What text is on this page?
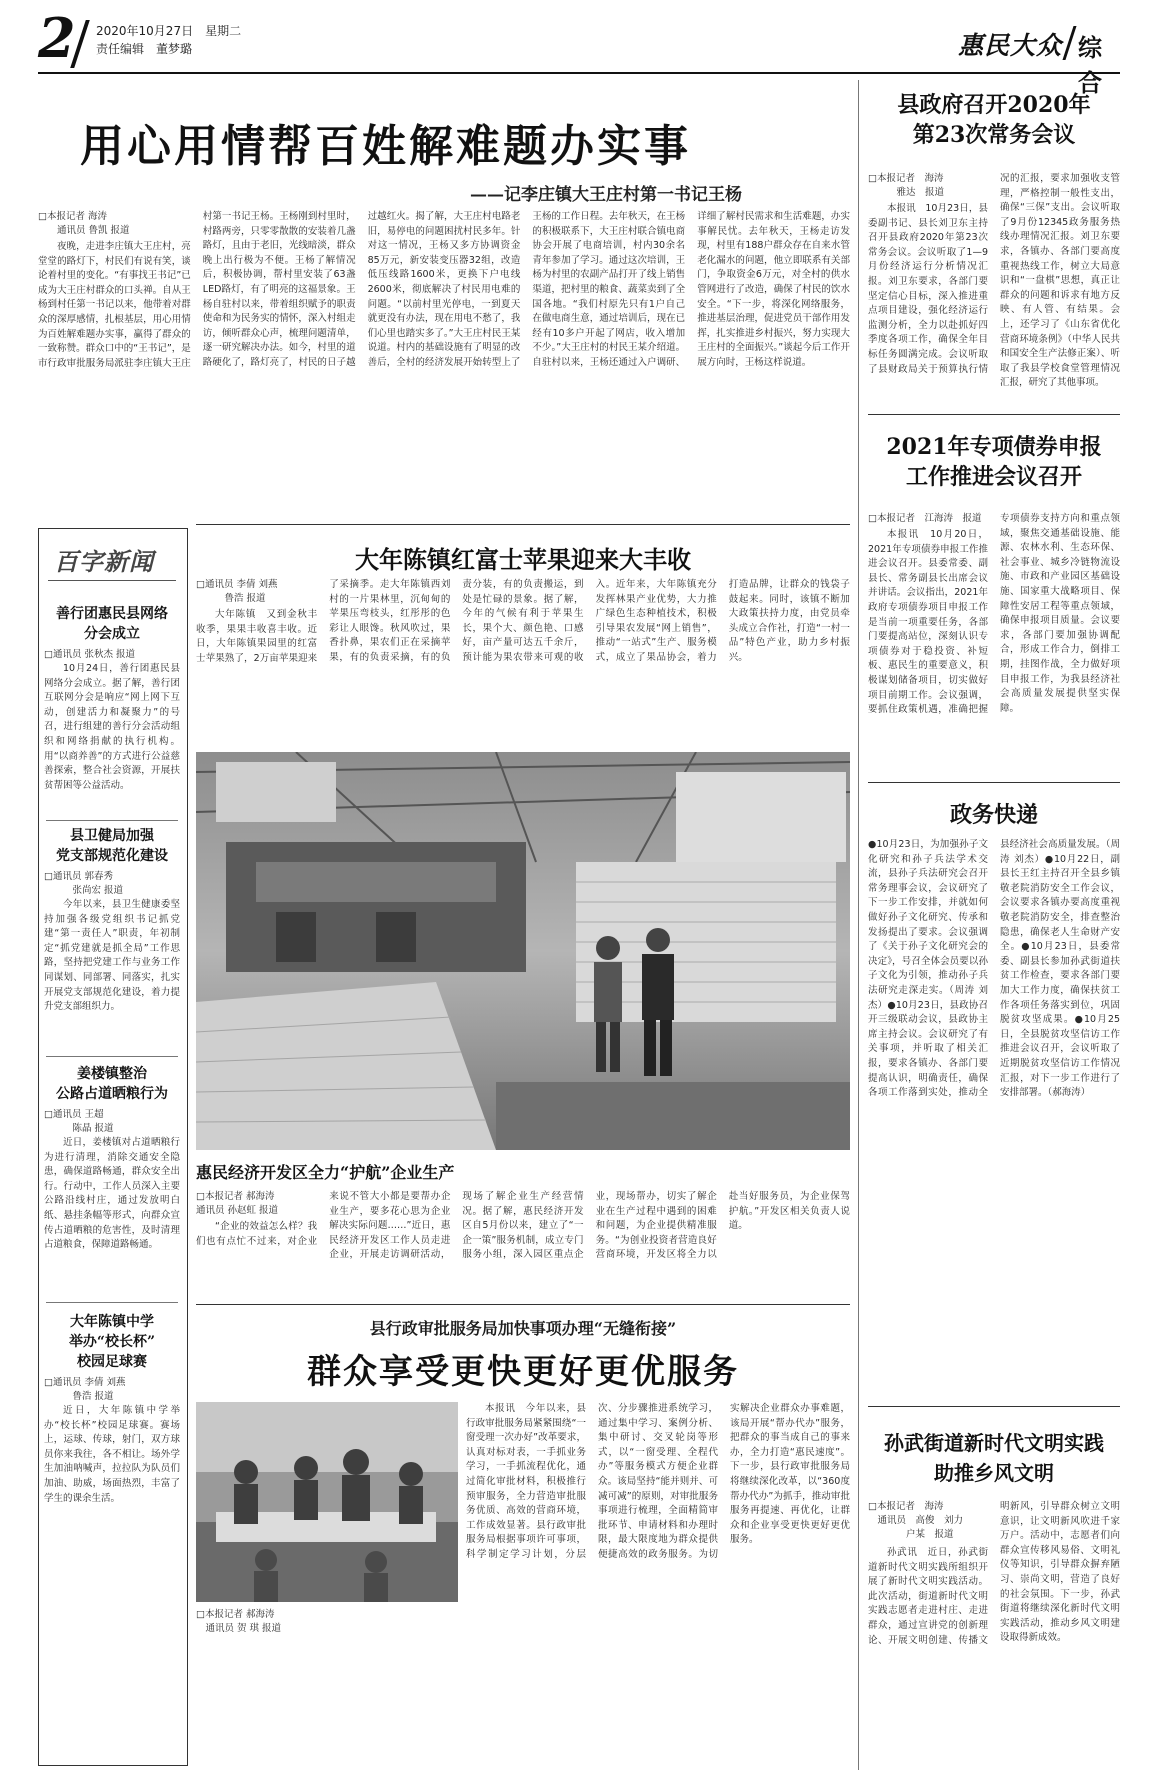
2 2020年10月27日　星期二
责任编辑　董梦璐	惠民大众 综合
用心用情帮百姓解难题办实事
——记李庄镇大王庄村第一书记王杨
□本报记者 海涛
通讯员 鲁凯 报道

夜晚，走进李庄镇大王庄村，亮堂堂的路灯下，村民们有说有笑，谈论着村里的变化。“有事找王书记”已成为大王庄村群众的口头禅。自从王杨到村任第一书记以来，他带着对群众的深厚感情，扎根基层，用心用情为百姓解难题办实事，赢得了群众的一致称赞。群众口中的“王书记”，是市行政审批服务局派驻李庄镇大王庄村第一书记王杨。王杨刚到村里时，村路两旁，只零零散散的安装着几盏路灯，且由于老旧，光线暗淡，群众晚上出行极为不便。王杨了解情况后，积极协调，帮村里安装了63盏LED路灯，有了明亮的这福景象。王杨自驻村以来，带着组织赋予的职责使命和为民务实的情怀，深入村组走访，倾听群众心声，梳理问题清单，逐一研究解决办法。如今，村里的道路硬化了，路灯亮了，村民的日子越过越红火。揭了解，大王庄村电路老旧，易停电的问题困扰村民多年。针对这一情况，王杨又多方协调资金85万元，新安装变压器32组，改造低压线路1600米，更换下户电线2600米，彻底解决了村民用电难的问题。“以前村里光停电，一到夏天就更没有办法，现在用电不愁了，我们心里也踏实多了。”大王庄村民王某说道。村内的基础设施有了明显的改善后，全村的经济发展开始转型上了王杨的工作日程。去年秋天，在王杨的积极联系下，大王庄村联合镇电商协会开展了电商培训，村内30余名青年参加了学习。通过这次培训，王杨为村里的农副产品打开了线上销售渠道，把村里的粮食、蔬菜卖到了全国各地。“我们村原先只有1户自己在做电商生意，通过培训后，现在已经有10多户开起了网店，收入增加不少。”大王庄村的村民王某介绍道。自驻村以来，王杨还通过入户调研、详细了解村民需求和生活难题，办实事解民忧。去年秋天，王杨走访发现，村里有188户群众存在自来水管老化漏水的问题，他立即联系有关部门，争取资金6万元，对全村的供水管网进行了改造，确保了村民的饮水安全。“下一步，将深化网络服务，推进基层治理，促进党员干部作用发挥，扎实推进乡村振兴，努力实现大王庄村的全面振兴。”谈起今后工作开展方向时，王杨这样说道。

县政府召开2020年
第23次常务会议
□本报记者　海涛
雅达　报道

本报讯　10月23日，县委副书记、县长刘卫东主持召开县政府2020年第23次常务会议。会议听取了1—9月份经济运行分析情况汇报。刘卫东要求，各部门要坚定信心目标，深入推进重点项目建设，强化经济运行监测分析，全力以赴抓好四季度各项工作，确保全年目标任务圆满完成。会议听取了县财政局关于预算执行情况的汇报，要求加强收支管理，严格控制一般性支出，确保“三保”支出。会议听取了9月份12345政务服务热线办理情况汇报。刘卫东要求，各镇办、各部门要高度重视热线工作，树立大局意识和“一盘棋”思想，真正让群众的问题和诉求有地方反映、有人管、有结果。会上，还学习了《山东省优化营商环境条例》（中华人民共和国安全生产法修正案）、听取了我县学校食堂管理情况汇报，研究了其他事项。

2021年专项债券申报
工作推进会议召开
□本报记者　江海涛　报道

本报讯　10月20日，2021年专项债券申报工作推进会议召开。县委常委、副县长、常务副县长出席会议并讲话。会议指出，2021年政府专项债券项目申报工作是当前一项重要任务，各部门要提高站位，深刻认识专项债券对于稳投资、补短板、惠民生的重要意义，积极谋划储备项目，切实做好项目前期工作。会议强调，要抓住政策机遇，准确把握专项债券支持方向和重点领域，聚焦交通基础设施、能源、农林水利、生态环保、社会事业、城乡冷链物流设施、市政和产业园区基础设施、国家重大战略项目、保障性安居工程等重点领域，确保申报项目质量。会议要求，各部门要加强协调配合，形成工作合力，倒排工期，挂图作战，全力做好项目申报工作，为我县经济社会高质量发展提供坚实保障。

政务快递

●10月23日，为加强孙子文化研究和孙子兵法学术交流，县孙子兵法研究会召开常务理事会议，会议研究了下一步工作安排，并就如何做好孙子文化研究、传承和发扬提出了要求。会议强调了《关于孙子文化研究会的决定》，号召全体会员要以孙子文化为引领，推动孙子兵法研究走深走实。（周涛 刘杰）●10月23日，县政协召开三级联动会议，县政协主席主持会议。会议研究了有关事项，并听取了相关汇报，要求各镇办、各部门要提高认识，明确责任，确保各项工作落到实处，推动全县经济社会高质量发展。（周涛 刘杰）●10月22日，副县长王红主持召开全县乡镇敬老院消防安全工作会议，会议要求各镇办要高度重视敬老院消防安全，排查整治隐患，确保老人生命财产安全。●10月23日，县委常委、副县长参加孙武街道扶贫工作检查，要求各部门要加大工作力度，确保扶贫工作各项任务落实到位，巩固脱贫攻坚成果。●10月25日，全县脱贫攻坚信访工作推进会议召开，会议听取了近期脱贫攻坚信访工作情况汇报，对下一步工作进行了安排部署。（郝海涛）

孙武街道新时代文明实践
助推乡风文明
□本报记者　海涛
通讯员　高俊　刘力
户某　报道

孙武讯　近日，孙武街道新时代文明实践所组织开展了新时代文明实践活动。此次活动，街道新时代文明实践志愿者走进村庄、走进群众，通过宣讲党的创新理论、开展文明创建、传播文明新风，引导群众树立文明意识，让文明新风吹进千家万户。活动中，志愿者们向群众宣传移风易俗、文明礼仪等知识，引导群众摒弃陋习、崇尚文明，营造了良好的社会氛围。下一步，孙武街道将继续深化新时代文明实践活动，推动乡风文明建设取得新成效。

百字新闻
善行团惠民县网络
分会成立
□通讯员 张秋杰 报道

10月24日，善行团惠民县网络分会成立。据了解，善行团互联网分会是响应“网上网下互动，创建活力和凝聚力”的号召，进行组建的善行分会活动组织和网络捐献的执行机构。用“以商养善”的方式进行公益慈善探索，整合社会资源，开展扶贫帮困等公益活动。

县卫健局加强
党支部规范化建设
□通讯员 郭春秀
张尚宏 报道

今年以来，县卫生健康委坚持加强各级党组织书记抓党建“第一责任人”职责，年初制定“抓党建就是抓全局”工作思路，坚持把党建工作与业务工作同谋划、同部署、同落实，扎实开展党支部规范化建设，着力提升党支部组织力。

姜楼镇整治
公路占道晒粮行为
□通讯员 王超
陈晶 报道

近日，姜楼镇对占道晒粮行为进行清理，消除交通安全隐患，确保道路畅通，群众安全出行。行动中，工作人员深入主要公路沿线村庄，通过发放明白纸、悬挂条幅等形式，向群众宣传占道晒粮的危害性，及时清理占道粮食，保障道路畅通。

大年陈镇中学
举办“校长杯”
校园足球赛
□通讯员 李倩 刘燕
鲁浩 报道

近日，大年陈镇中学举办“校长杯”校园足球赛。赛场上，运球、传球，射门，双方球员你来我往，各不相让。场外学生加油呐喊声，拉拉队为队员们加油、助威，场面热烈，丰富了学生的课余生活。

大年陈镇红富士苹果迎来大丰收
□通讯员 李倩 刘燕
鲁浩 报道

大年陈镇　又到金秋丰收季，果果丰收喜丰收。近日，大年陈镇果园里的红富士苹果熟了，2万亩苹果迎来了采摘季。走大年陈镇西刘村的一片果林里，沉甸甸的苹果压弯枝头，红彤彤的色彩让人眼馋。秋风吹过，果香扑鼻，果农们正在采摘苹果，有的负责采摘，有的负责分装，有的负责搬运，到处是忙碌的景象。据了解，今年的气候有利于苹果生长，果个大、颜色艳、口感好，亩产量可达五千余斤，预计能为果农带来可观的收入。近年来，大年陈镇充分发挥林果产业优势，大力推广绿色生态种植技术，积极引导果农发展“网上销售”，推动“一站式”生产、服务模式，成立了果品协会，着力打造品牌，让群众的钱袋子鼓起来。同时，该镇不断加大政策扶持力度，由党员牵头成立合作社，打造“一村一品”特色产业，助力乡村振兴。

惠民经济开发区全力“护航”企业生产
□本报记者 郝海涛
通讯员 孙赵虹 报道

“企业的效益怎么样？我们也有点忙不过来，对企业来说不管大小都是要帮办企业生产，要多花心思为企业解决实际问题……”近日，惠民经济开发区工作人员走进企业，开展走访调研活动，现场了解企业生产经营情况。据了解，惠民经济开发区自5月份以来，建立了“一企一策”服务机制，成立专门服务小组，深入园区重点企业，现场帮办，切实了解企业在生产过程中遇到的困难和问题，为企业提供精准服务。“为创业投资者营造良好营商环境，开发区将全力以赴当好服务员，为企业保驾护航。”开发区相关负责人说道。

县行政审批服务局加快事项办理“无缝衔接”
群众享受更快更好更优服务
□本报记者 郝海涛
通讯员 贺 琪 报道

本报讯　今年以来，县行政审批服务局紧紧围绕“一窗受理一次办好”改革要求，认真对标对表，一手抓业务学习，一手抓流程优化，通过简化审批材料，积极推行预审服务，全力营造审批服务优质、高效的营商环境，工作成效显著。县行政审批服务局根据事项许可事项，科学制定学习计划，分层次、分步骤推进系统学习，通过集中学习、案例分析、集中研讨、交叉轮岗等形式，以“一窗受理、全程代办”等服务模式方便企业群众。该局坚持“能并则并、可减可减”的原则，对审批服务事项进行梳理，全面精简审批环节、申请材料和办理时限，最大限度地为群众提供便捷高效的政务服务。为切实解决企业群众办事难题，该局开展“帮办代办”服务，把群众的事当成自己的事来办，全力打造“惠民速度”。下一步，县行政审批服务局将继续深化改革，以“360度帮办代办”为抓手，推动审批服务再提速、再优化，让群众和企业享受更快更好更优服务。
